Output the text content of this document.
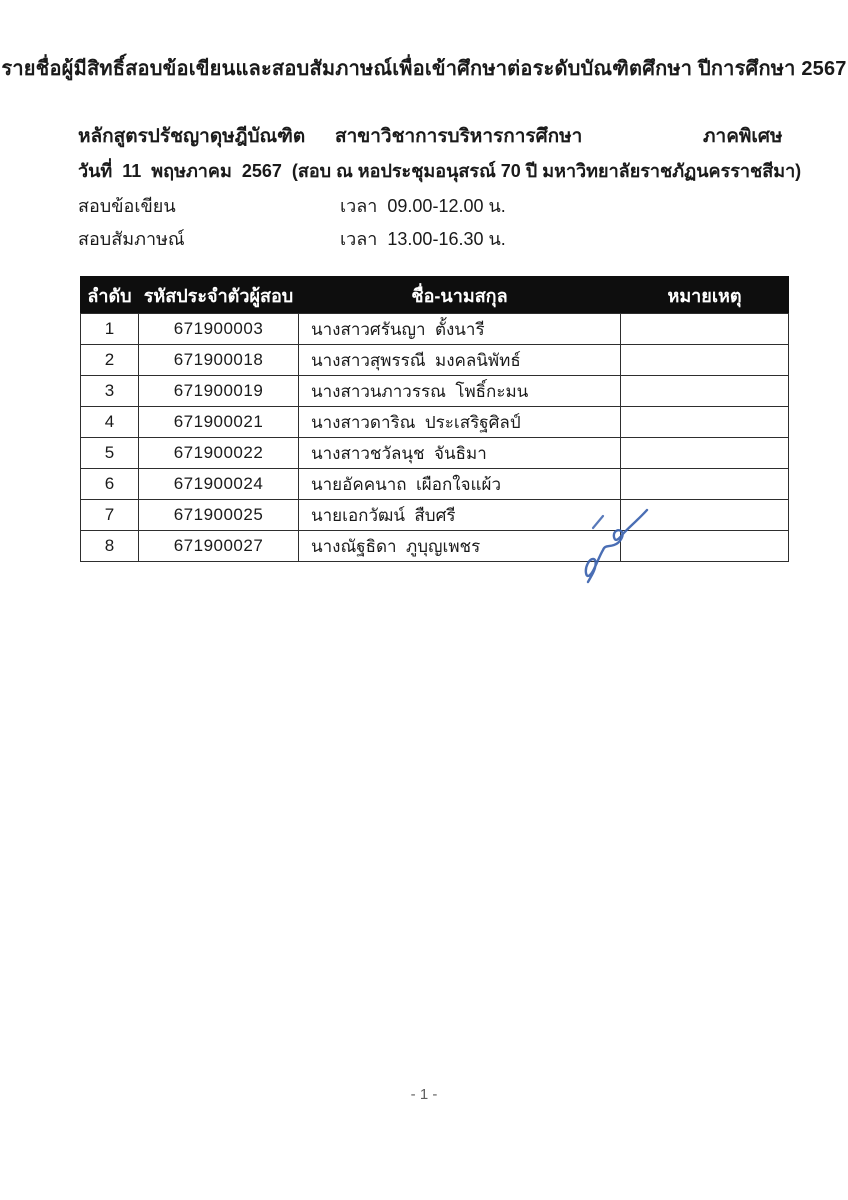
รายชื่อผู้มีสิทธิ์สอบข้อเขียนและสอบสัมภาษณ์เพื่อเข้าศึกษาต่อระดับบัณฑิตศึกษา ปีการศึกษา 2567
หลักสูตรปรัชญาดุษฎีบัณฑิต สาขาวิชาการบริหารการศึกษา	ภาคพิเศษ
วันที่  11  พฤษภาคม  2567  (สอบ ณ หอประชุมอนุสรณ์ 70 ปี มหาวิทยาลัยราชภัฏนครราชสีมา)
สอบข้อเขียน	เวลา  09.00-12.00 น.
สอบสัมภาษณ์	เวลา  13.00-16.30 น.
ลำดับ	รหัสประจำตัวผู้สอบ	ชื่อ-นามสกุล	หมายเหตุ
1	671900003	นางสาวศรันญา  ตั้งนารี	
2	671900018	นางสาวสุพรรณี  มงคลนิพัทธ์	
3	671900019	นางสาวนภาวรรณ  โพธิ์กะมน	
4	671900021	นางสาวดาริณ  ประเสริฐศิลป์	
5	671900022	นางสาวชวัลนุช  จันธิมา	
6	671900024	นายอัคคนาถ  เผือกใจแผ้ว	
7	671900025	นายเอกวัฒน์  สืบศรี	
8	671900027	นางณัฐธิดา  ภูบุญเพชร	
- 1 -
